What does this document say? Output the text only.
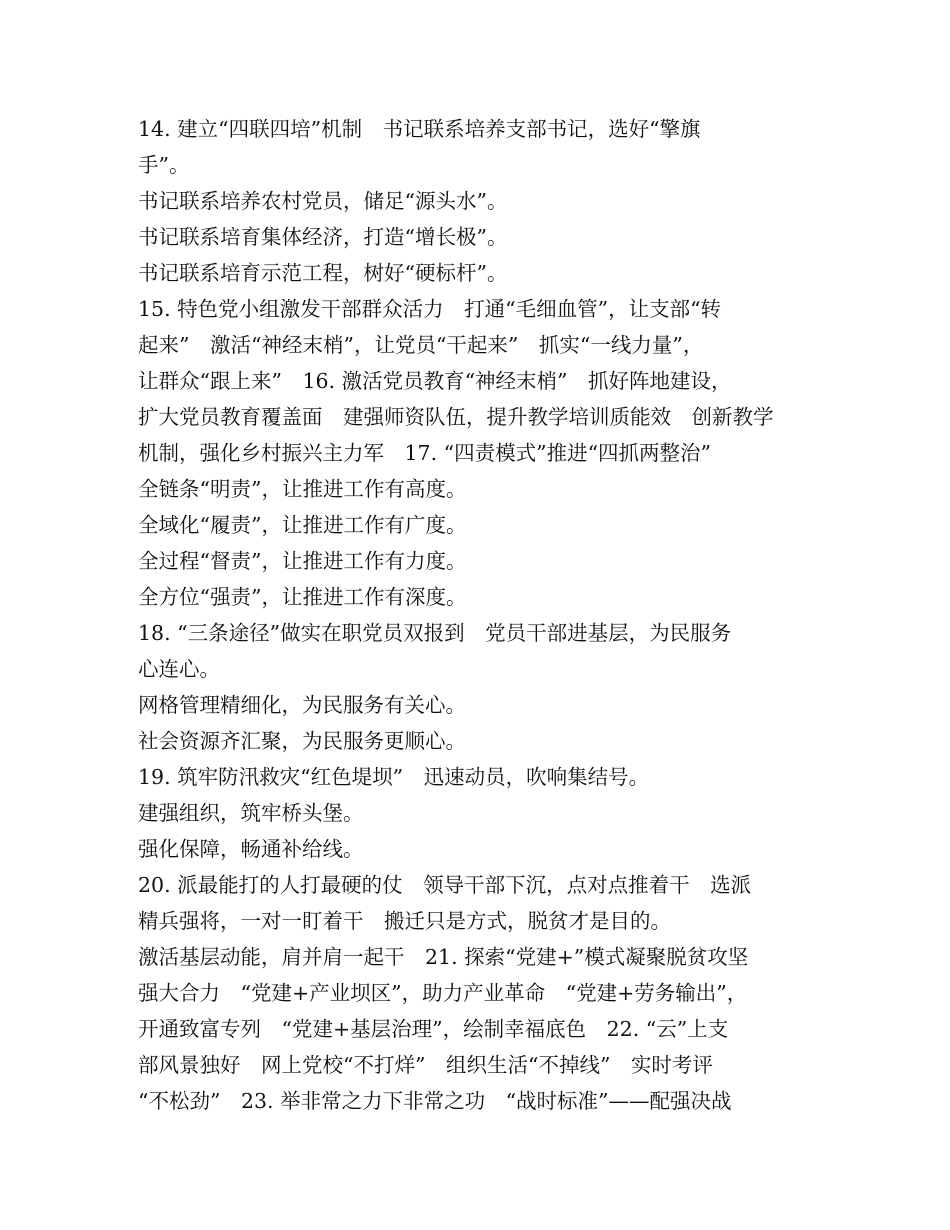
14. 建立“四联四培”机制　书记联系培养支部书记，选好“擎旗
手”。
书记联系培养农村党员，储足“源头水”。
书记联系培育集体经济，打造“增长极”。
书记联系培育示范工程，树好“硬标杆”。
15. 特色党小组激发干部群众活力　打通“毛细血管”，让支部“转
起来”　激活“神经末梢”，让党员“干起来”　抓实“一线力量”，
让群众“跟上来”　16. 激活党员教育“神经末梢”　抓好阵地建设，
扩大党员教育覆盖面　建强师资队伍，提升教学培训质能效　创新教学
机制，强化乡村振兴主力军　17. “四责模式”推进“四抓两整治”
全链条“明责”，让推进工作有高度。
全域化“履责”，让推进工作有广度。
全过程“督责”，让推进工作有力度。
全方位“强责”，让推进工作有深度。
18. “三条途径”做实在职党员双报到　党员干部进基层，为民服务
心连心。
网格管理精细化，为民服务有关心。
社会资源齐汇聚，为民服务更顺心。
19. 筑牢防汛救灾“红色堤坝”　迅速动员，吹响集结号。
建强组织，筑牢桥头堡。
强化保障，畅通补给线。
20. 派最能打的人打最硬的仗　领导干部下沉，点对点推着干　选派
精兵强将，一对一盯着干　搬迁只是方式，脱贫才是目的。
激活基层动能，肩并肩一起干　21. 探索“党建+”模式凝聚脱贫攻坚
强大合力　“党建+产业坝区”，助力产业革命　“党建+劳务输出”，
开通致富专列　“党建+基层治理”，绘制幸福底色　22. “云”上支
部风景独好　网上党校“不打烊”　组织生活“不掉线”　实时考评
“不松劲”　23. 举非常之力下非常之功　“战时标准”——配强决战
